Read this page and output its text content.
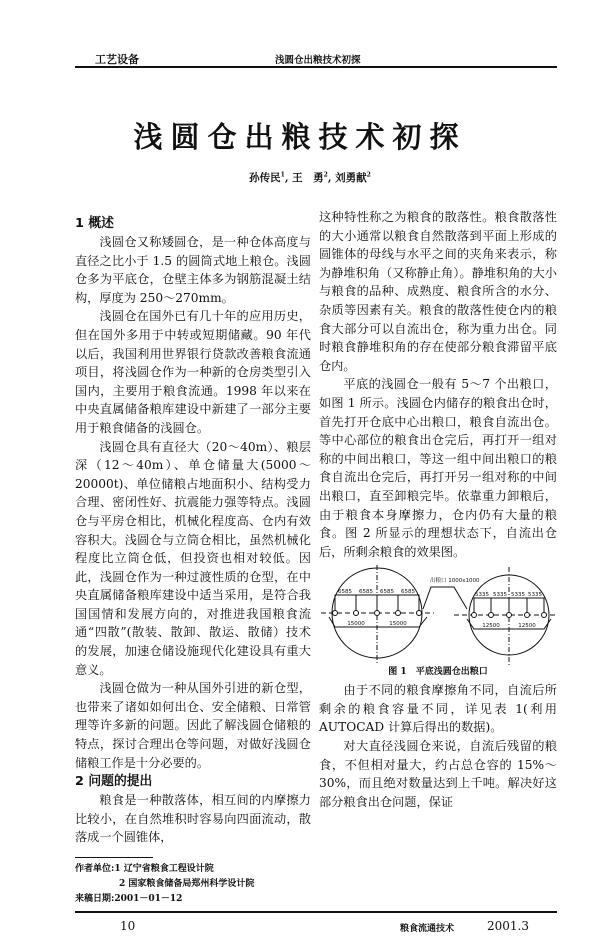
工艺设备	浅圆仓出粮技术初探
浅圆仓出粮技术初探
孙传民$^1$, 王　勇$^2$, 刘勇献$^2$
1 概述

浅圆仓又称矮圆仓，是一种仓体高度与直径之比小于 1.5 的圆筒式地上粮仓。浅圆仓多为平底仓，仓壁主体多为钢筋混凝土结构，厚度为 250～270mm。

浅圆仓在国外已有几十年的应用历史，但在国外多用于中转或短期储藏。90 年代以后，我国利用世界银行贷款改善粮食流通项目，将浅圆仓作为一种新的仓房类型引入国内，主要用于粮食流通。1998 年以来在中央直属储备粮库建设中新建了一部分主要用于粮食储备的浅圆仓。

浅圆仓具有直径大（20～40m）、粮层深（12～40m）、单仓储量大(5000～20000t)、单位储粮占地面积小、结构受力合理、密闭性好、抗震能力强等特点。浅圆仓与平房仓相比，机械化程度高、仓内有效容积大。浅圆仓与立筒仓相比，虽然机械化程度比立筒仓低，但投资也相对较低。因此，浅圆仓作为一种过渡性质的仓型，在中央直属储备粮库建设中适当采用，是符合我国国情和发展方向的，对推进我国粮食流通“四散”(散装、散卸、散运、散储）技术的发展，加速仓储设施现代化建设具有重大意义。

浅圆仓做为一种从国外引进的新仓型，也带来了诸如如何出仓、安全储粮、日常管理等许多新的问题。因此了解浅圆仓储粮的特点，探讨合理出仓等问题，对做好浅圆仓储粮工作是十分必要的。

2 问题的提出

粮食是一种散落体，相互间的内摩擦力比较小，在自然堆积时容易向四面流动，散落成一个圆锥体，

作者单位:1 辽宁省粮食工程设计院
2 国家粮食储备局郑州科学设计院
来稿日期:2001－01－12

这种特性称之为粮食的散落性。粮食散落性的大小通常以粮食自然散落到平面上形成的圆锥体的母线与水平之间的夹角来表示，称为静堆积角（又称静止角）。静堆积角的大小与粮食的品种、成熟度、粮食所含的水分、杂质等因素有关。粮食的散落性使仓内的粮食大部分可以自流出仓，称为重力出仓。同时粮食静堆积角的存在使部分粮食滞留平底仓内。

平底的浅圆仓一般有 5～7 个出粮口，如图 1 所示。浅圆仓内储存的粮食出仓时，首先打开仓底中心出粮口，粮食自流出仓。等中心部位的粮食出仓完后，再打开一组对称的中间出粮口，等这一组中间出粮口的粮食自流出仓完后，再打开另一组对称的中间出粮口，直至卸粮完毕。依靠重力卸粮后，由于粮食本身摩擦力，仓内仍有大量的粮食。图 2 所显示的理想状态下，自流出仓后，所剩余粮食的效果图。

出粮口 1000x1000
6585 6585 6585 6585
15000	15000
5335 5335 5335 5335
12500	12500
图 1　平底浅圆仓出粮口

由于不同的粮食摩擦角不同，自流后所剩余的粮食容量不同，详见表 1(利用 AUTOCAD 计算后得出的数据)。

对大直径浅圆仓来说，自流后残留的粮食，不但相对量大，约占总仓容的 15%～30%，而且绝对数量达到上千吨。解决好这部分粮食出仓问题，保证

10	粮食流通技术	2001.3
